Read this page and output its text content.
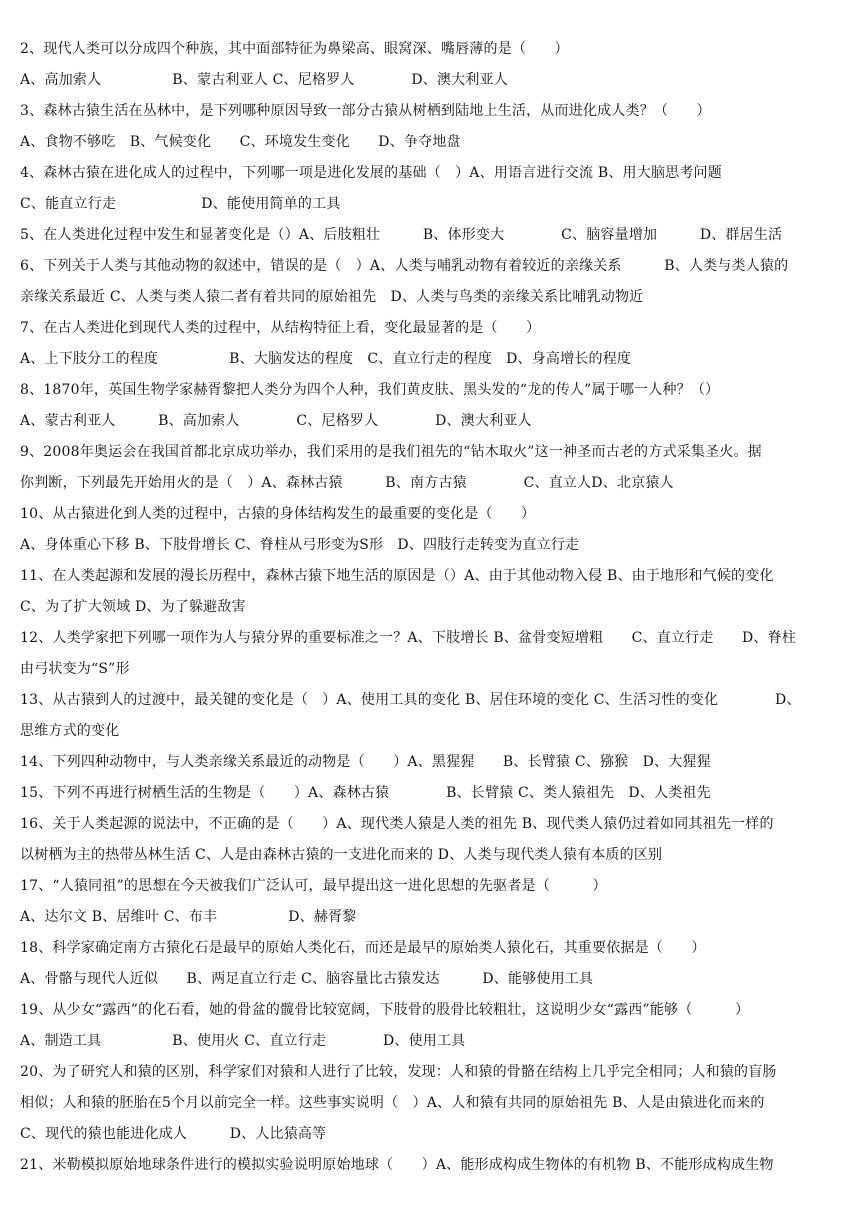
2、现代人类可以分成四个种族，其中面部特征为鼻梁高、眼窝深、嘴唇薄的是（　　）
A、高加索人　　　　　B、蒙古利亚人 C、尼格罗人　　　　D、澳大利亚人
3、森林古猿生活在丛林中，是下列哪种原因导致一部分古猿从树栖到陆地上生活，从而进化成人类？（　　）
A、食物不够吃　B、气候变化　　C、环境发生变化　　D、争夺地盘
4、森林古猿在进化成人的过程中，下列哪一项是进化发展的基础（　）A、用语言进行交流 B、用大脑思考问题
C、能直立行走　　　　　　D、能使用简单的工具
5、在人类进化过程中发生和显著变化是（）A、后肢粗壮　　　B、体形变大　　　　C、脑容量增加　　　D、群居生活
6、下列关于人类与其他动物的叙述中，错误的是（　）A、人类与哺乳动物有着较近的亲缘关系　　　B、人类与类人猿的
亲缘关系最近 C、人类与类人猿二者有着共同的原始祖先　D、人类与鸟类的亲缘关系比哺乳动物近
7、在古人类进化到现代人类的过程中，从结构特征上看，变化最显著的是（　　）
A、上下肢分工的程度　　　　　B、大脑发达的程度　C、直立行走的程度　D、身高增长的程度
8、1870年，英国生物学家赫胥黎把人类分为四个人种，我们黄皮肤、黑头发的“龙的传人”属于哪一人种？（）
A、蒙古利亚人　　　B、高加索人　　　　C、尼格罗人　　　　D、澳大利亚人
9、2008年奥运会在我国首都北京成功举办，我们采用的是我们祖先的“钻木取火”这一神圣而古老的方式采集圣火。据
你判断，下列最先开始用火的是（　）A、森林古猿　　　B、南方古猿　　　　C、直立人D、北京猿人
10、从古猿进化到人类的过程中，古猿的身体结构发生的最重要的变化是（　　）
A、身体重心下移 B、下肢骨增长 C、脊柱从弓形变为S形　D、四肢行走转变为直立行走
11、在人类起源和发展的漫长历程中，森林古猿下地生活的原因是（）A、由于其他动物入侵 B、由于地形和气候的变化
C、为了扩大领域 D、为了躲避敌害
12、人类学家把下列哪一项作为人与猿分界的重要标准之一？A、下肢增长 B、盆骨变短增粗　　C、直立行走　　D、脊柱
由弓状变为“S”形
13、从古猿到人的过渡中，最关键的变化是（　）A、使用工具的变化 B、居住环境的变化 C、生活习性的变化　　　　D、
思维方式的变化
14、下列四种动物中，与人类亲缘关系最近的动物是（　　）A、黑猩猩　　B、长臂猿 C、猕猴　D、大猩猩
15、下列不再进行树栖生活的生物是（　　）A、森林古猿　　　　B、长臂猿 C、类人猿祖先　D、人类祖先
16、关于人类起源的说法中，不正确的是（　　）A、现代类人猿是人类的祖先 B、现代类人猿仍过着如同其祖先一样的
以树栖为主的热带丛林生活 C、人是由森林古猿的一支进化而来的 D、人类与现代类人猿有本质的区别
17、“人猿同祖”的思想在今天被我们广泛认可，最早提出这一进化思想的先驱者是（　　　）
A、达尔文 B、居维叶 C、布丰　　　　　D、赫胥黎
18、科学家确定南方古猿化石是最早的原始人类化石，而还是最早的原始类人猿化石，其重要依据是（　　）
A、骨骼与现代人近似　　B、两足直立行走 C、脑容量比古猿发达　　　D、能够使用工具
19、从少女“露西”的化石看，她的骨盆的髋骨比较宽阔，下肢骨的股骨比较粗壮，这说明少女“露西”能够（　　　）
A、制造工具　　　　　B、使用火 C、直立行走　　　　D、使用工具
20、为了研究人和猿的区别，科学家们对猿和人进行了比较，发现：人和猿的骨骼在结构上几乎完全相同；人和猿的盲肠
相似；人和猿的胚胎在5个月以前完全一样。这些事实说明（　）A、人和猿有共同的原始祖先 B、人是由猿进化而来的
C、现代的猿也能进化成人　　　D、人比猿高等
21、米勒模拟原始地球条件进行的模拟实验说明原始地球（　　）A、能形成构成生物体的有机物 B、不能形成构成生物
